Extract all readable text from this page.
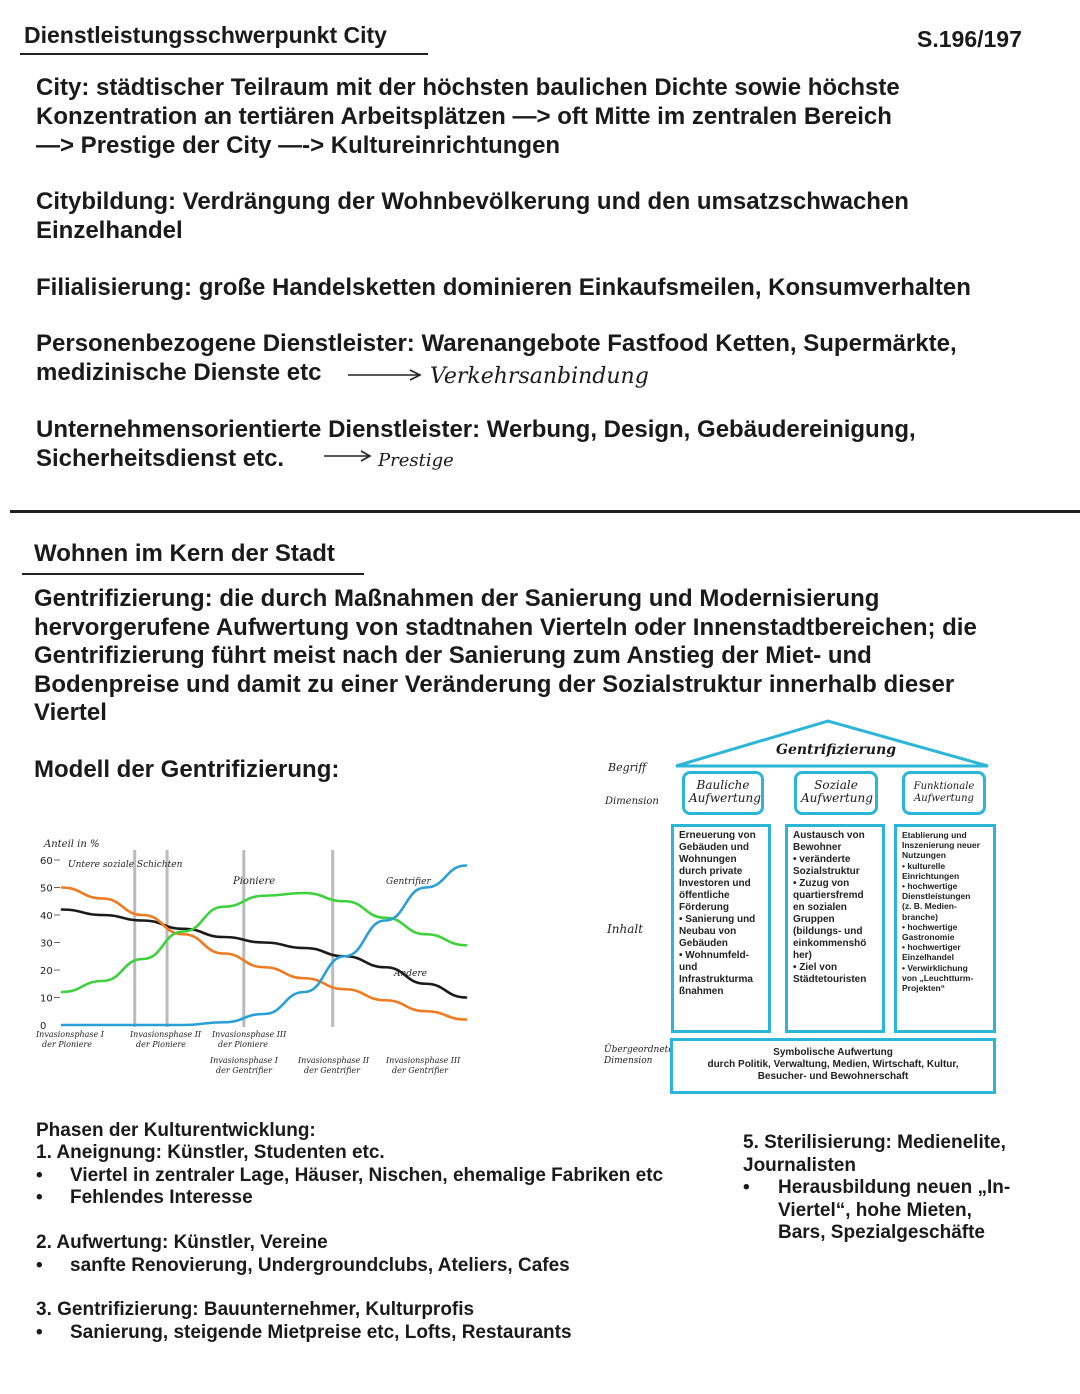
Dienstleistungsschwerpunkt City	S.196/197
City: städtischer Teilraum mit der höchsten baulichen Dichte sowie höchste
Konzentration an tertiären Arbeitsplätzen —> oft Mitte im zentralen Bereich
—> Prestige der City —-> Kultureinrichtungen
Citybildung: Verdrängung der Wohnbevölkerung und den umsatzschwachen
Einzelhandel
Filialisierung: große Handelsketten dominieren Einkaufsmeilen, Konsumverhalten
Personenbezogene Dienstleister: Warenangebote Fastfood Ketten, Supermärkte,
medizinische Dienste etc	Verkehrsanbindung
Unternehmensorientierte Dienstleister: Werbung, Design, Gebäudereinigung,
Sicherheitsdienst etc.	Prestige
Wohnen im Kern der Stadt
Gentrifizierung: die durch Maßnahmen der Sanierung und Modernisierung
hervorgerufene Aufwertung von stadtnahen Vierteln oder Innenstadtbereichen; die
Gentrifizierung führt meist nach der Sanierung zum Anstieg der Miet- und
Bodenpreise und damit zu einer Veränderung der Sozialstruktur innerhalb dieser
Viertel
Modell der Gentrifizierung:
Anteil in %
0
10
20
30
40
50
60 Untere soziale Schichten
Pioniere	Gentrifier
Andere
Invasionsphase I
der Pioniere
Invasionsphase II
der Pioniere
Invasionsphase III
der Pioniere
Invasionsphase I
der Gentrifier
Invasionsphase II
der Gentrifier
Invasionsphase III
der Gentrifier
Gentrifizierung
Begriff
Dimension
Inhalt
Übergeordnete
Dimension
Bauliche Aufwertung
Soziale Aufwertung
Funktionale Aufwertung
Erneuerung von
Gebäuden und
Wohnungen
durch private
Investoren und
öffentliche
Förderung
• Sanierung und
Neubau von
Gebäuden
• Wohnumfeld-
und
Infrastrukturma
ßnahmen
Austausch von
Bewohner
• veränderte
Sozialstruktur
• Zuzug von
quartiersfremd
en sozialen
Gruppen
(bildungs- und
einkommenshö
her)
• Ziel von
Städtetouristen
Etablierung und
Inszenierung neuer
Nutzungen
• kulturelle
Einrichtungen
• hochwertige
Dienstleistungen
(z. B. Medien-
branche)
• hochwertige
Gastronomie
• hochwertiger
Einzelhandel
• Verwirklichung
von „Leuchtturm-
Projekten“
Symbolische Aufwertung
durch Politik, Verwaltung, Medien, Wirtschaft, Kultur,
Besucher- und Bewohnerschaft
Phasen der Kulturentwicklung:
1. Aneignung: Künstler, Studenten etc.
• Viertel in zentraler Lage, Häuser, Nischen, ehemalige Fabriken etc
• Fehlendes Interesse
2. Aufwertung: Künstler, Vereine
• sanfte Renovierung, Undergroundclubs, Ateliers, Cafes
3. Gentrifizierung: Bauunternehmer, Kulturprofis
• Sanierung, steigende Mietpreise etc, Lofts, Restaurants
5. Sterilisierung: Medienelite,
Journalisten
• Herausbildung neuen „In-
Viertel“, hohe Mieten,
Bars, Spezialgeschäfte
